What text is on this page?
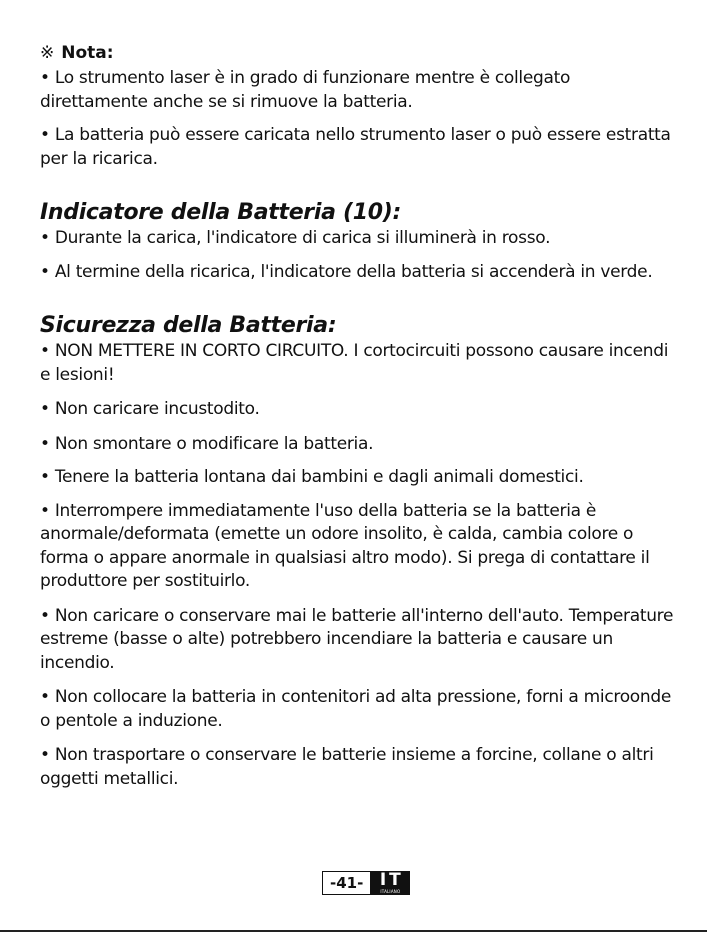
※ Nota:

• Lo strumento laser è in grado di funzionare mentre è collegato direttamente anche se si rimuove la batteria.

• La batteria può essere caricata nello strumento laser o può essere estratta per la ricarica.

Indicatore della Batteria (10):

• Durante la carica, l'indicatore di carica si illuminerà in rosso.

• Al termine della ricarica, l'indicatore della batteria si accenderà in verde.

Sicurezza della Batteria:

• NON METTERE IN CORTO CIRCUITO. I cortocircuiti possono causare incendi e lesioni!

• Non caricare incustodito.

• Non smontare o modificare la batteria.

• Tenere la batteria lontana dai bambini e dagli animali domestici.

• Interrompere immediatamente l'uso della batteria se la batteria è anormale/deformata (emette un odore insolito, è calda, cambia colore o forma o appare anormale in qualsiasi altro modo). Si prega di contattare il produttore per sostituirlo.

• Non caricare o conservare mai le batterie all'interno dell'auto. Temperature estreme (basse o alte) potrebbero incendiare la batteria e causare un incendio.

• Non collocare la batteria in contenitori ad alta pressione, forni a microonde o pentole a induzione.

• Non trasportare o conservare le batterie insieme a forcine, collane o altri oggetti metallici.

-41- IT
ITALIANO
